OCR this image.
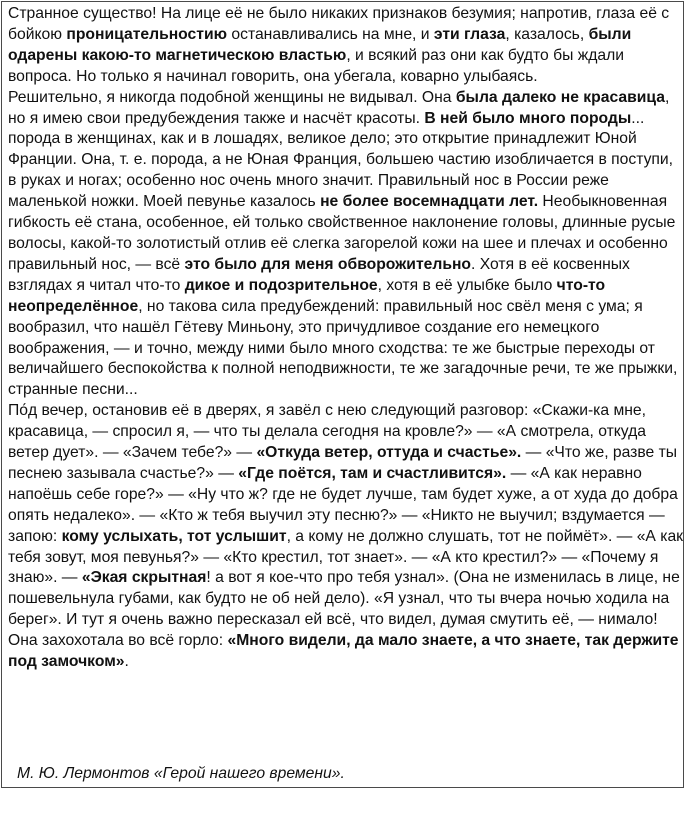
Странное существо! На лице её не было никаких признаков безумия; напротив, глаза её с бойкою проницательностию останавливались на мне, и эти глаза, казалось, были одарены какою-то магнетическою властью, и всякий раз они как будто бы ждали вопроса. Но только я начинал говорить, она убегала, коварно улыбаясь.
Решительно, я никогда подобной женщины не видывал. Она была далеко не красавица, но я имею свои предубеждения также и насчёт красоты. В ней было много породы... порода в женщинах, как и в лошадях, великое дело; это открытие принадлежит Юной Франции. Она, т. е. порода, а не Юная Франция, большею частию изобличается в поступи, в руках и ногах; особенно нос очень много значит. Правильный нос в России реже маленькой ножки. Моей певунье казалось не более восемнадцати лет. Необыкновенная гибкость её стана, особенное, ей только свойственное наклонение головы, длинные русые волосы, какой-то золотистый отлив её слегка загорелой кожи на шее и плечах и особенно правильный нос, — всё это было для меня обворожительно. Хотя в её косвенных взглядах я читал что-то дикое и подозрительное, хотя в её улыбке было что-то неопределённое, но такова сила предубеждений: правильный нос свёл меня с ума; я вообразил, что нашёл Гётеву Миньону, это причудливое создание его немецкого воображения, — и точно, между ними было много сходства: те же быстрые переходы от величайшего беспокойства к полной неподвижности, те же загадочные речи, те же прыжки, странные песни...
По́д вечер, остановив её в дверях, я завёл с нею следующий разговор: «Скажи-ка мне, красавица, — спросил я, — что ты делала сегодня на кровле?» — «А смотрела, откуда ветер дует». — «Зачем тебе?» — «Откуда ветер, оттуда и счастье». — «Что же, разве ты песнею зазывала счастье?» — «Где поётся, там и счастливится». — «А как неравно напоёшь себе горе?» — «Ну что ж? где не будет лучше, там будет хуже, а от худа до добра опять недалеко». — «Кто ж тебя выучил эту песню?» — «Никто не выучил; вздумается — запою: кому услыхать, тот услышит, а кому не должно слушать, тот не поймёт». — «А как тебя зовут, моя певунья?» — «Кто крестил, тот знает». — «А кто крестил?» — «Почему я знаю». — «Экая скрытная! а вот я кое-что про тебя узнал». (Она не изменилась в лице, не пошевельнула губами, как будто не об ней дело). «Я узнал, что ты вчера ночью ходила на берег». И тут я очень важно пересказал ей всё, что видел, думая смутить её, — нимало! Она захохотала во всё горло: «Много видели, да мало знаете, а что знаете, так держите под замочком».
М. Ю. Лермонтов «Герой нашего времени».
